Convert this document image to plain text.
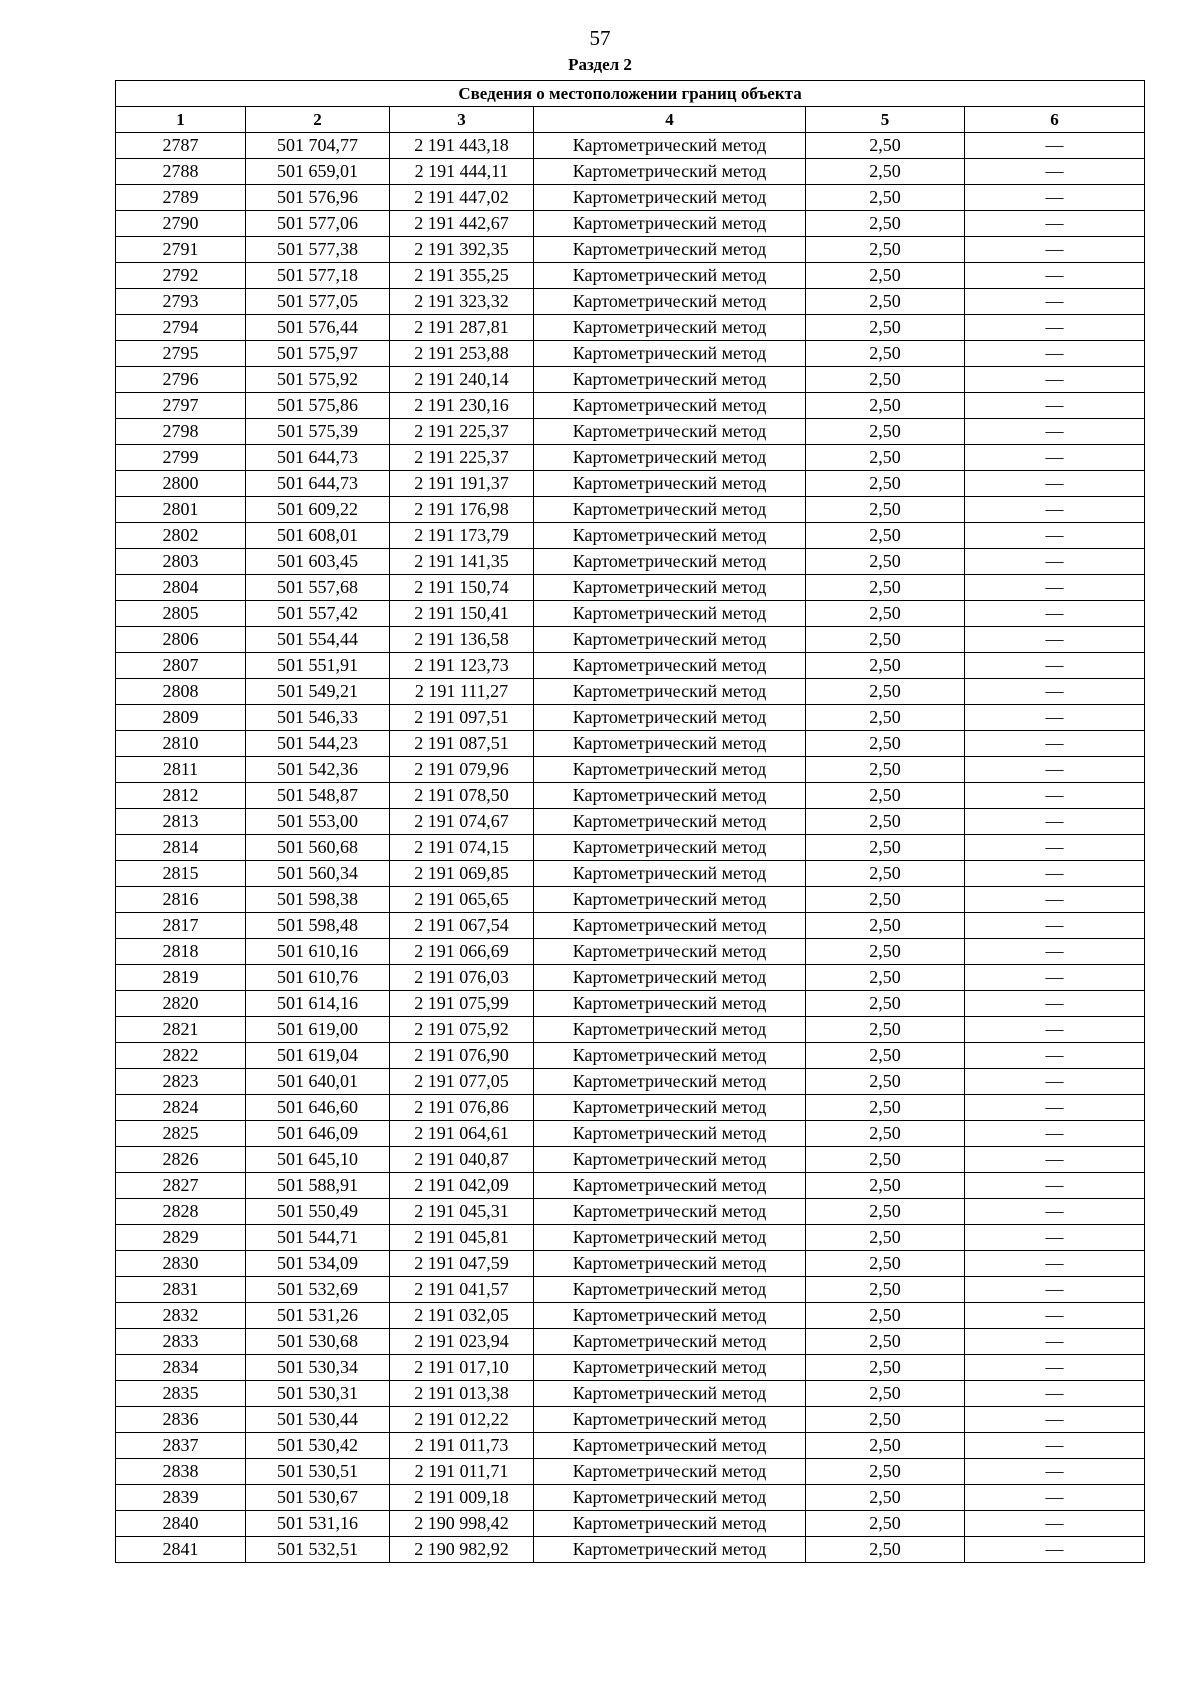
57
Раздел 2
Сведения о местоположении границ объекта					
1	2	3	4	5	6
2787	501 704,77	2 191 443,18	Картометрический метод	2,50	—
2788	501 659,01	2 191 444,11	Картометрический метод	2,50	—
2789	501 576,96	2 191 447,02	Картометрический метод	2,50	—
2790	501 577,06	2 191 442,67	Картометрический метод	2,50	—
2791	501 577,38	2 191 392,35	Картометрический метод	2,50	—
2792	501 577,18	2 191 355,25	Картометрический метод	2,50	—
2793	501 577,05	2 191 323,32	Картометрический метод	2,50	—
2794	501 576,44	2 191 287,81	Картометрический метод	2,50	—
2795	501 575,97	2 191 253,88	Картометрический метод	2,50	—
2796	501 575,92	2 191 240,14	Картометрический метод	2,50	—
2797	501 575,86	2 191 230,16	Картометрический метод	2,50	—
2798	501 575,39	2 191 225,37	Картометрический метод	2,50	—
2799	501 644,73	2 191 225,37	Картометрический метод	2,50	—
2800	501 644,73	2 191 191,37	Картометрический метод	2,50	—
2801	501 609,22	2 191 176,98	Картометрический метод	2,50	—
2802	501 608,01	2 191 173,79	Картометрический метод	2,50	—
2803	501 603,45	2 191 141,35	Картометрический метод	2,50	—
2804	501 557,68	2 191 150,74	Картометрический метод	2,50	—
2805	501 557,42	2 191 150,41	Картометрический метод	2,50	—
2806	501 554,44	2 191 136,58	Картометрический метод	2,50	—
2807	501 551,91	2 191 123,73	Картометрический метод	2,50	—
2808	501 549,21	2 191 111,27	Картометрический метод	2,50	—
2809	501 546,33	2 191 097,51	Картометрический метод	2,50	—
2810	501 544,23	2 191 087,51	Картометрический метод	2,50	—
2811	501 542,36	2 191 079,96	Картометрический метод	2,50	—
2812	501 548,87	2 191 078,50	Картометрический метод	2,50	—
2813	501 553,00	2 191 074,67	Картометрический метод	2,50	—
2814	501 560,68	2 191 074,15	Картометрический метод	2,50	—
2815	501 560,34	2 191 069,85	Картометрический метод	2,50	—
2816	501 598,38	2 191 065,65	Картометрический метод	2,50	—
2817	501 598,48	2 191 067,54	Картометрический метод	2,50	—
2818	501 610,16	2 191 066,69	Картометрический метод	2,50	—
2819	501 610,76	2 191 076,03	Картометрический метод	2,50	—
2820	501 614,16	2 191 075,99	Картометрический метод	2,50	—
2821	501 619,00	2 191 075,92	Картометрический метод	2,50	—
2822	501 619,04	2 191 076,90	Картометрический метод	2,50	—
2823	501 640,01	2 191 077,05	Картометрический метод	2,50	—
2824	501 646,60	2 191 076,86	Картометрический метод	2,50	—
2825	501 646,09	2 191 064,61	Картометрический метод	2,50	—
2826	501 645,10	2 191 040,87	Картометрический метод	2,50	—
2827	501 588,91	2 191 042,09	Картометрический метод	2,50	—
2828	501 550,49	2 191 045,31	Картометрический метод	2,50	—
2829	501 544,71	2 191 045,81	Картометрический метод	2,50	—
2830	501 534,09	2 191 047,59	Картометрический метод	2,50	—
2831	501 532,69	2 191 041,57	Картометрический метод	2,50	—
2832	501 531,26	2 191 032,05	Картометрический метод	2,50	—
2833	501 530,68	2 191 023,94	Картометрический метод	2,50	—
2834	501 530,34	2 191 017,10	Картометрический метод	2,50	—
2835	501 530,31	2 191 013,38	Картометрический метод	2,50	—
2836	501 530,44	2 191 012,22	Картометрический метод	2,50	—
2837	501 530,42	2 191 011,73	Картометрический метод	2,50	—
2838	501 530,51	2 191 011,71	Картометрический метод	2,50	—
2839	501 530,67	2 191 009,18	Картометрический метод	2,50	—
2840	501 531,16	2 190 998,42	Картометрический метод	2,50	—
2841	501 532,51	2 190 982,92	Картометрический метод	2,50	—
